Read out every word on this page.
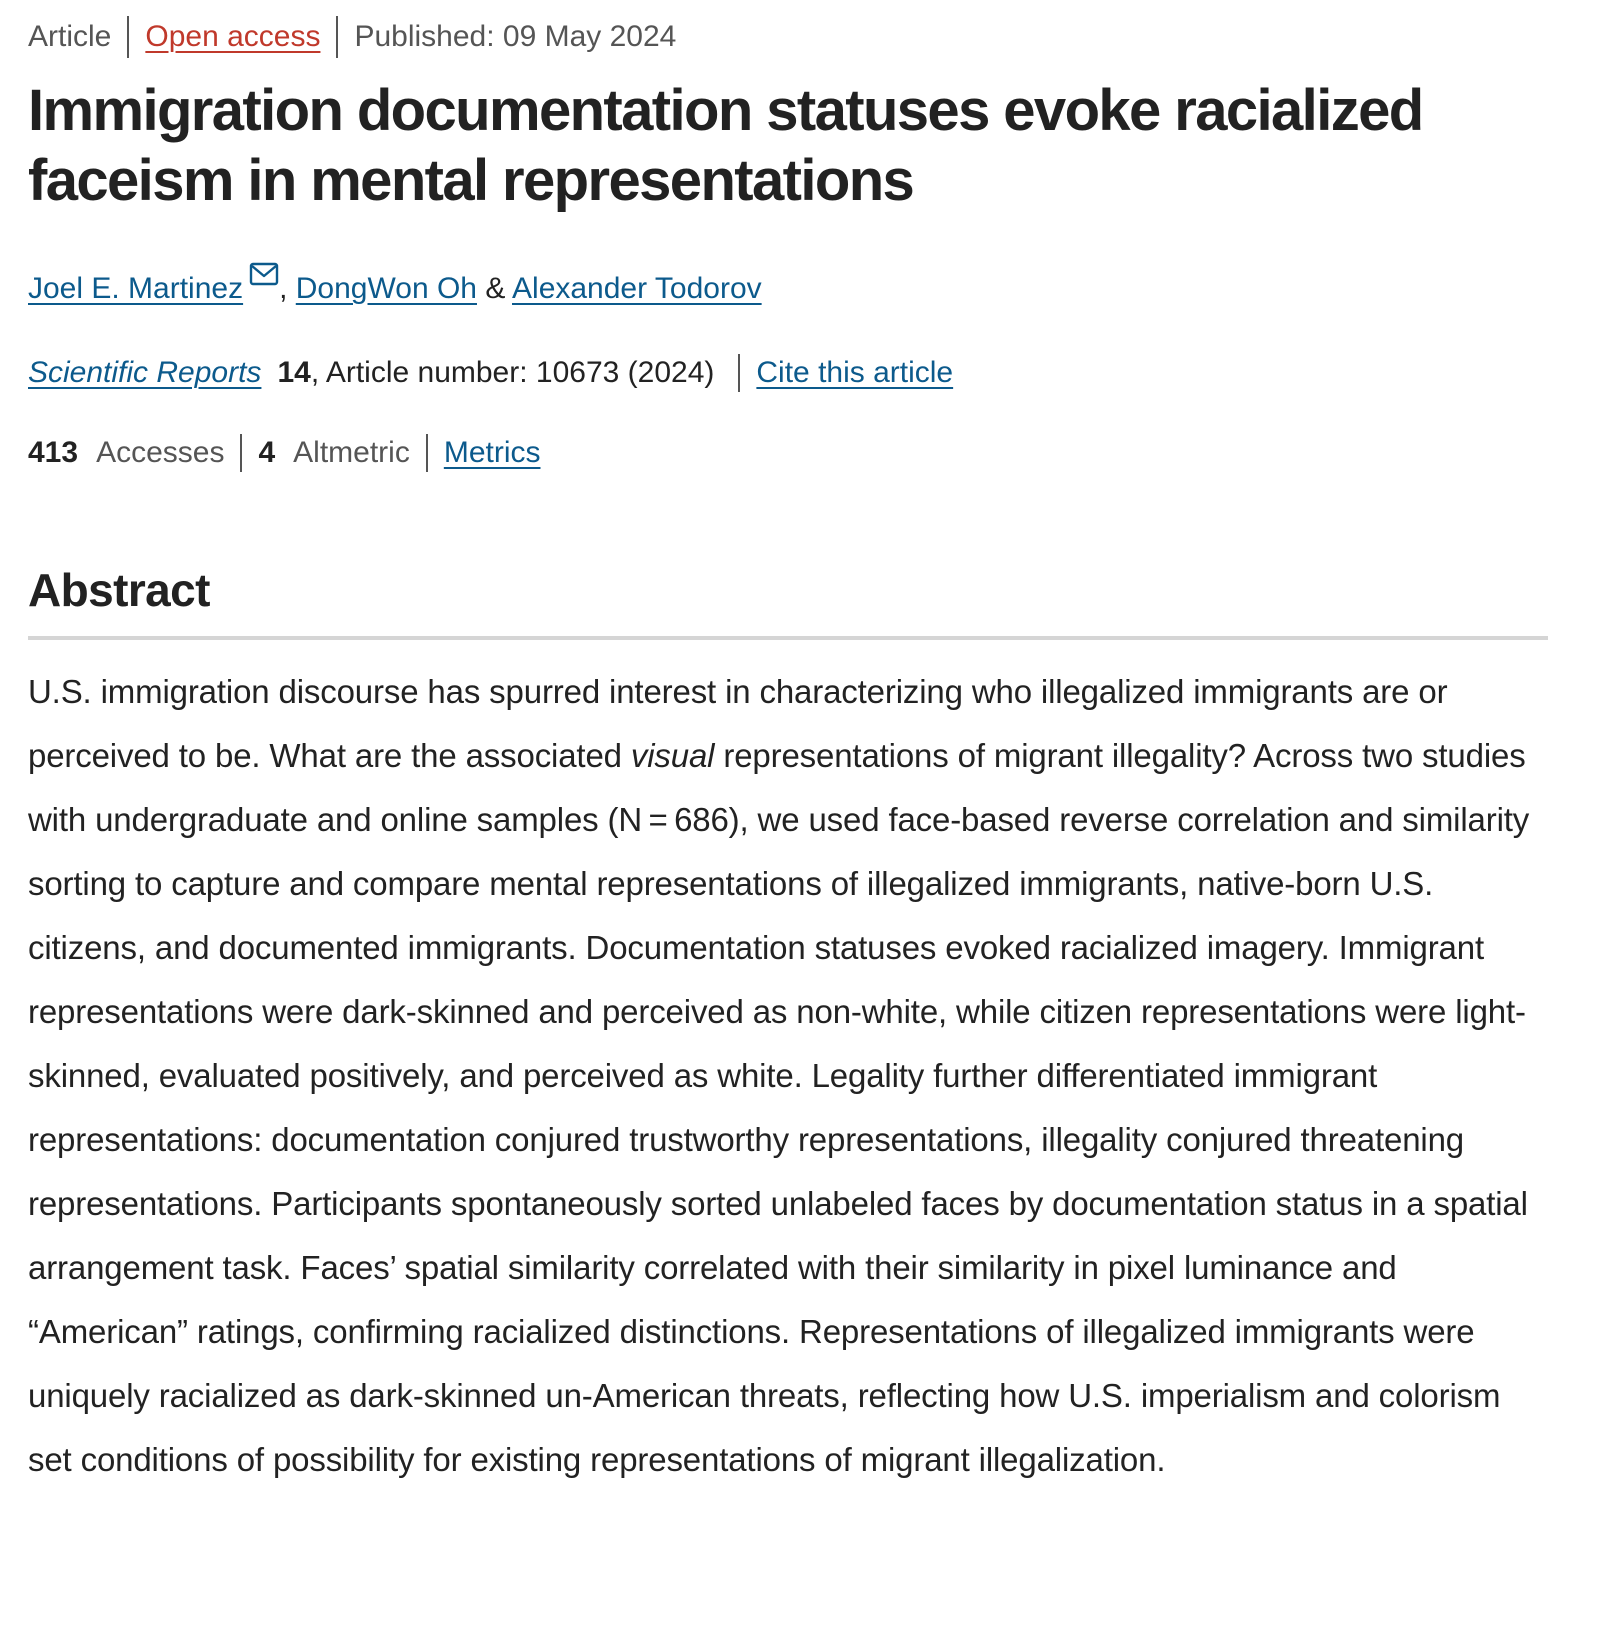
Article Open access Published: 09 May 2024
Immigration documentation statuses evoke racialized faceism in mental representations
Joel E. Martinez , DongWon Oh & Alexander Todorov
Scientific Reports 14 , Article number: 10673 (2024) Cite this article
413 Accesses 4 Altmetric Metrics
Abstract

U.S. immigration discourse has spurred interest in characterizing who illegalized immigrants are or perceived to be. What are the associated visual representations of migrant illegality? Across two studies with undergraduate and online samples (N = 686), we used face-based reverse correlation and similarity sorting to capture and compare mental representations of illegalized immigrants, native-born U.S. citizens, and documented immigrants. Documentation statuses evoked racialized imagery. Immigrant representations were dark-skinned and perceived as non-white, while citizen representations were light-skinned, evaluated positively, and perceived as white. Legality further differentiated immigrant representations: documentation conjured trustworthy representations, illegality conjured threatening representations. Participants spontaneously sorted unlabeled faces by documentation status in a spatial arrangement task. Faces’ spatial similarity correlated with their similarity in pixel luminance and “American” ratings, confirming racialized distinctions. Representations of illegalized immigrants were uniquely racialized as dark-skinned un-American threats, reflecting how U.S. imperialism and colorism set conditions of possibility for existing representations of migrant illegalization.
